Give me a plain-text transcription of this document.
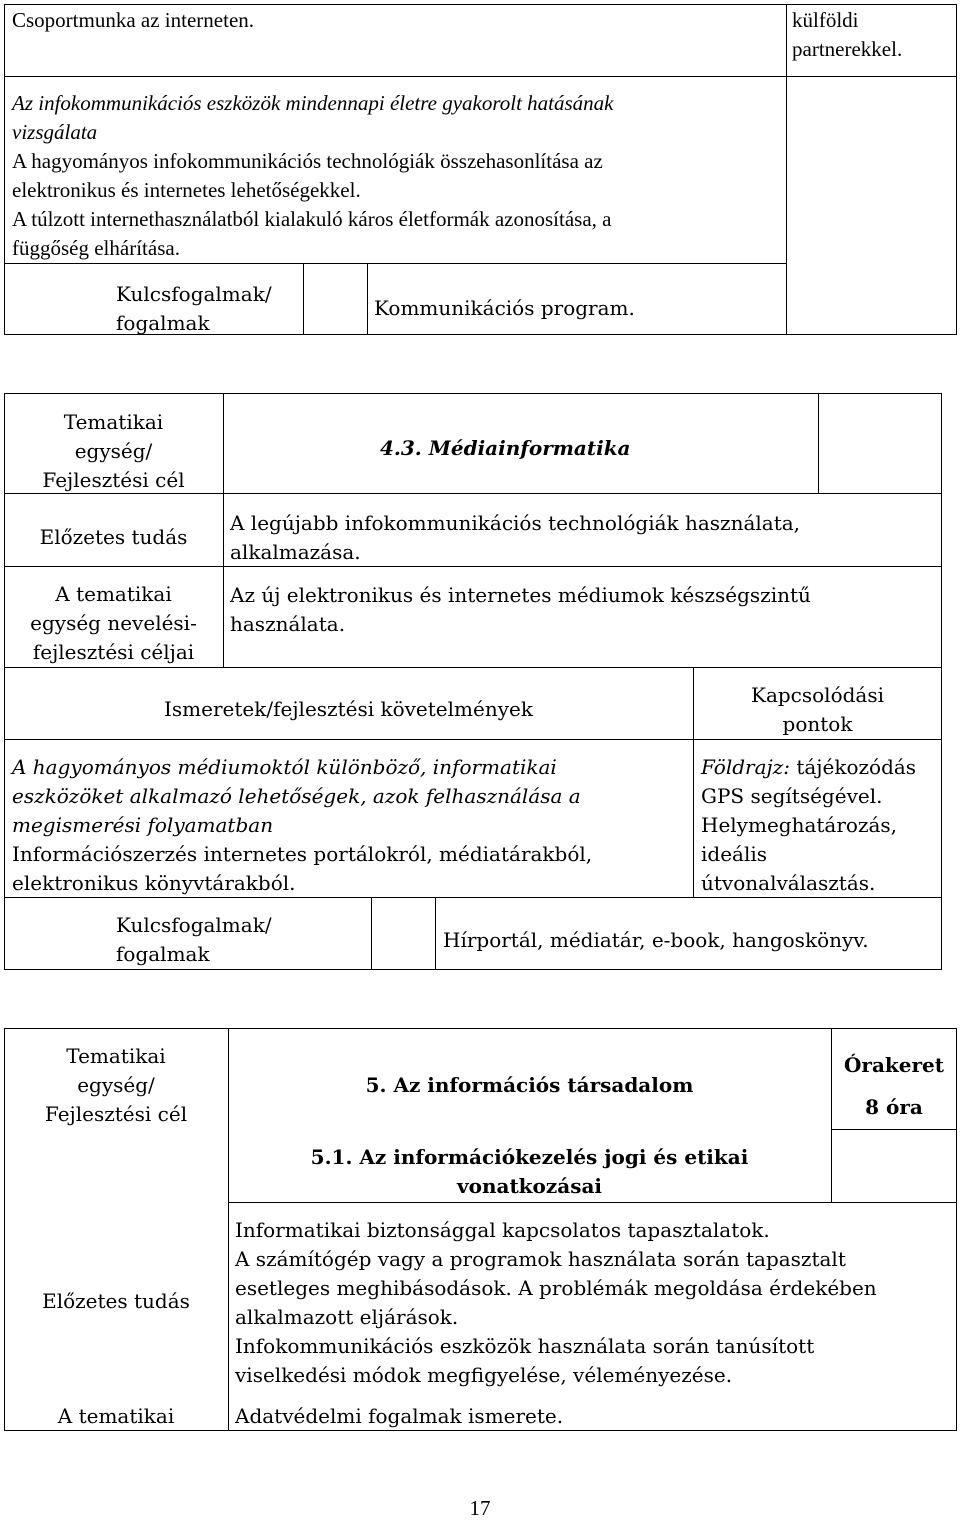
Csoportmunka az interneten.	külföldi
partnerekkel.
Az infokommunikációs eszközök mindennapi életre gyakorolt hatásának
vizsgálata
A hagyományos infokommunikációs technológiák összehasonlítása az
elektronikus és internetes lehetőségekkel.
A túlzott internethasználatból kialakuló káros életformák azonosítása, a
függőség elhárítása.
Kulcsfogalmak/
fogalmak
Kommunikációs program.
Tematikai
egység/
Fejlesztési cél
4.3. Médiainformatika
Előzetes tudás
A legújabb infokommunikációs technológiák használata,
alkalmazása.
A tematikai
egység nevelési-
fejlesztési céljai
Az új elektronikus és internetes médiumok készségszintű
használata.
Ismeretek/fejlesztési követelmények
Kapcsolódási
pontok
A hagyományos médiumoktól különböző, informatikai
eszközöket alkalmazó lehetőségek, azok felhasználása a
megismerési folyamatban
Információszerzés internetes portálokról, médiatárakból,
elektronikus könyvtárakból.
Földrajz: tájékozódás
GPS segítségével.
Helymeghatározás,
ideális
útvonalválasztás.
Kulcsfogalmak/
fogalmak
Hírportál, médiatár, e-book, hangoskönyv.
Tematikai
egység/
Fejlesztési cél
5. Az információs társadalom
Órakeret
8 óra
5.1. Az információkezelés jogi és etikai
vonatkozásai
Előzetes tudás
Informatikai biztonsággal kapcsolatos tapasztalatok.
A számítógép vagy a programok használata során tapasztalt
esetleges meghibásodások. A problémák megoldása érdekében
alkalmazott eljárások.
Infokommunikációs eszközök használata során tanúsított
viselkedési módok megfigyelése, véleményezése.
A tematikai	Adatvédelmi fogalmak ismerete.
17
